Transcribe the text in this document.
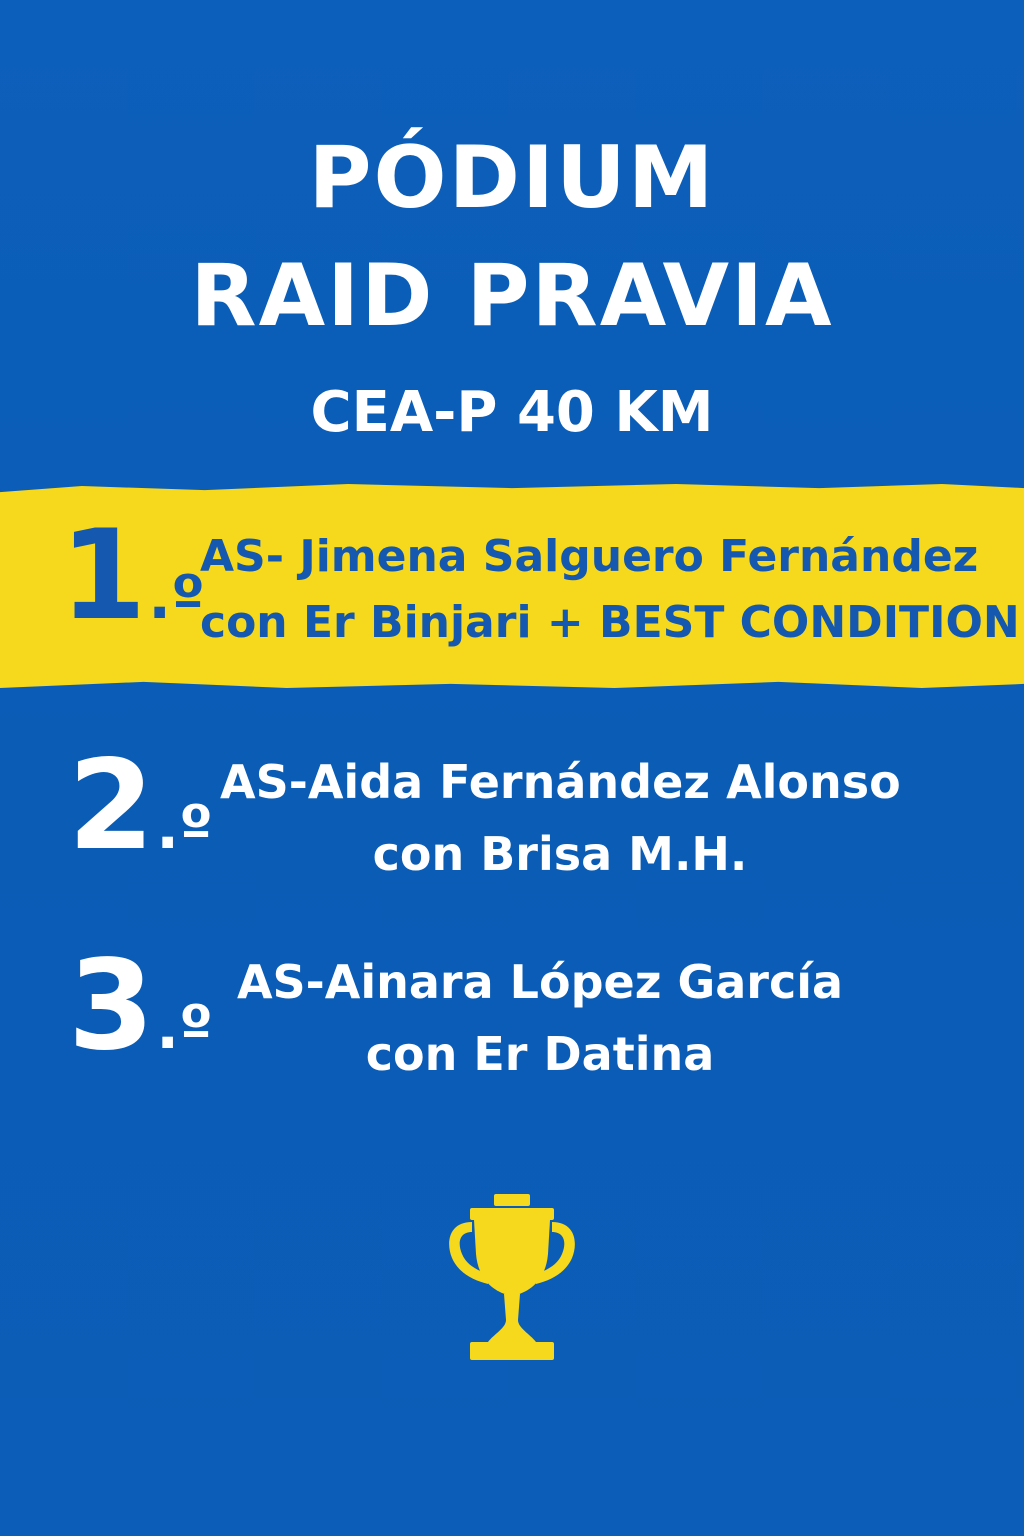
PÓDIUM
RAID PRAVIA
CEA-P 40 KM
1.º
AS- Jimena Salguero Fernández
con Er Binjari + BEST CONDITION
2.º
AS-Aida Fernández Alonso
con Brisa M.H.
3.º
AS-Ainara López García
con Er Datina
